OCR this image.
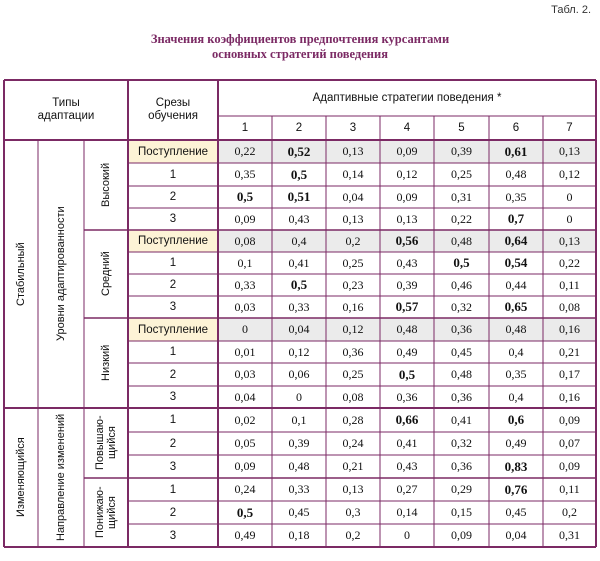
Табл. 2.
Значения коэффициентов предпочтения курсантами
основных стратегий поведения
Типы адаптации
Срезы обучения
Адаптивные стратегии поведения *
Стабильный	Уровни адаптированности
Высокий
Средний
Низкий
Изменяющийся	Направление изменений	Повышаю-щийся
Понижаю-щийся
1	2	3	4	5	6	7
Поступление	0,22	0,52	0,13	0,09	0,39	0,61	0,13
1	0,35	0,5	0,14	0,12	0,25	0,48	0,12
2	0,5	0,51	0,04	0,09	0,31	0,35	0
3	0,09	0,43	0,13	0,13	0,22	0,7	0
Поступление	0,08	0,4	0,2	0,56	0,48	0,64	0,13
1	0,1	0,41	0,25	0,43	0,5	0,54	0,22
2	0,33	0,5	0,23	0,39	0,46	0,44	0,11
3	0,03	0,33	0,16	0,57	0,32	0,65	0,08
Поступление	0	0,04	0,12	0,48	0,36	0,48	0,16
1	0,01	0,12	0,36	0,49	0,45	0,4	0,21
2	0,03	0,06	0,25	0,5	0,48	0,35	0,17
3	0,04	0	0,08	0,36	0,36	0,4	0,16
1	0,02	0,1	0,28	0,66	0,41	0,6	0,09
2	0,05	0,39	0,24	0,41	0,32	0,49	0,07
3	0,09	0,48	0,21	0,43	0,36	0,83	0,09
1	0,24	0,33	0,13	0,27	0,29	0,76	0,11
2	0,5	0,45	0,3	0,14	0,15	0,45	0,2
3	0,49	0,18	0,2	0	0,09	0,04	0,31
